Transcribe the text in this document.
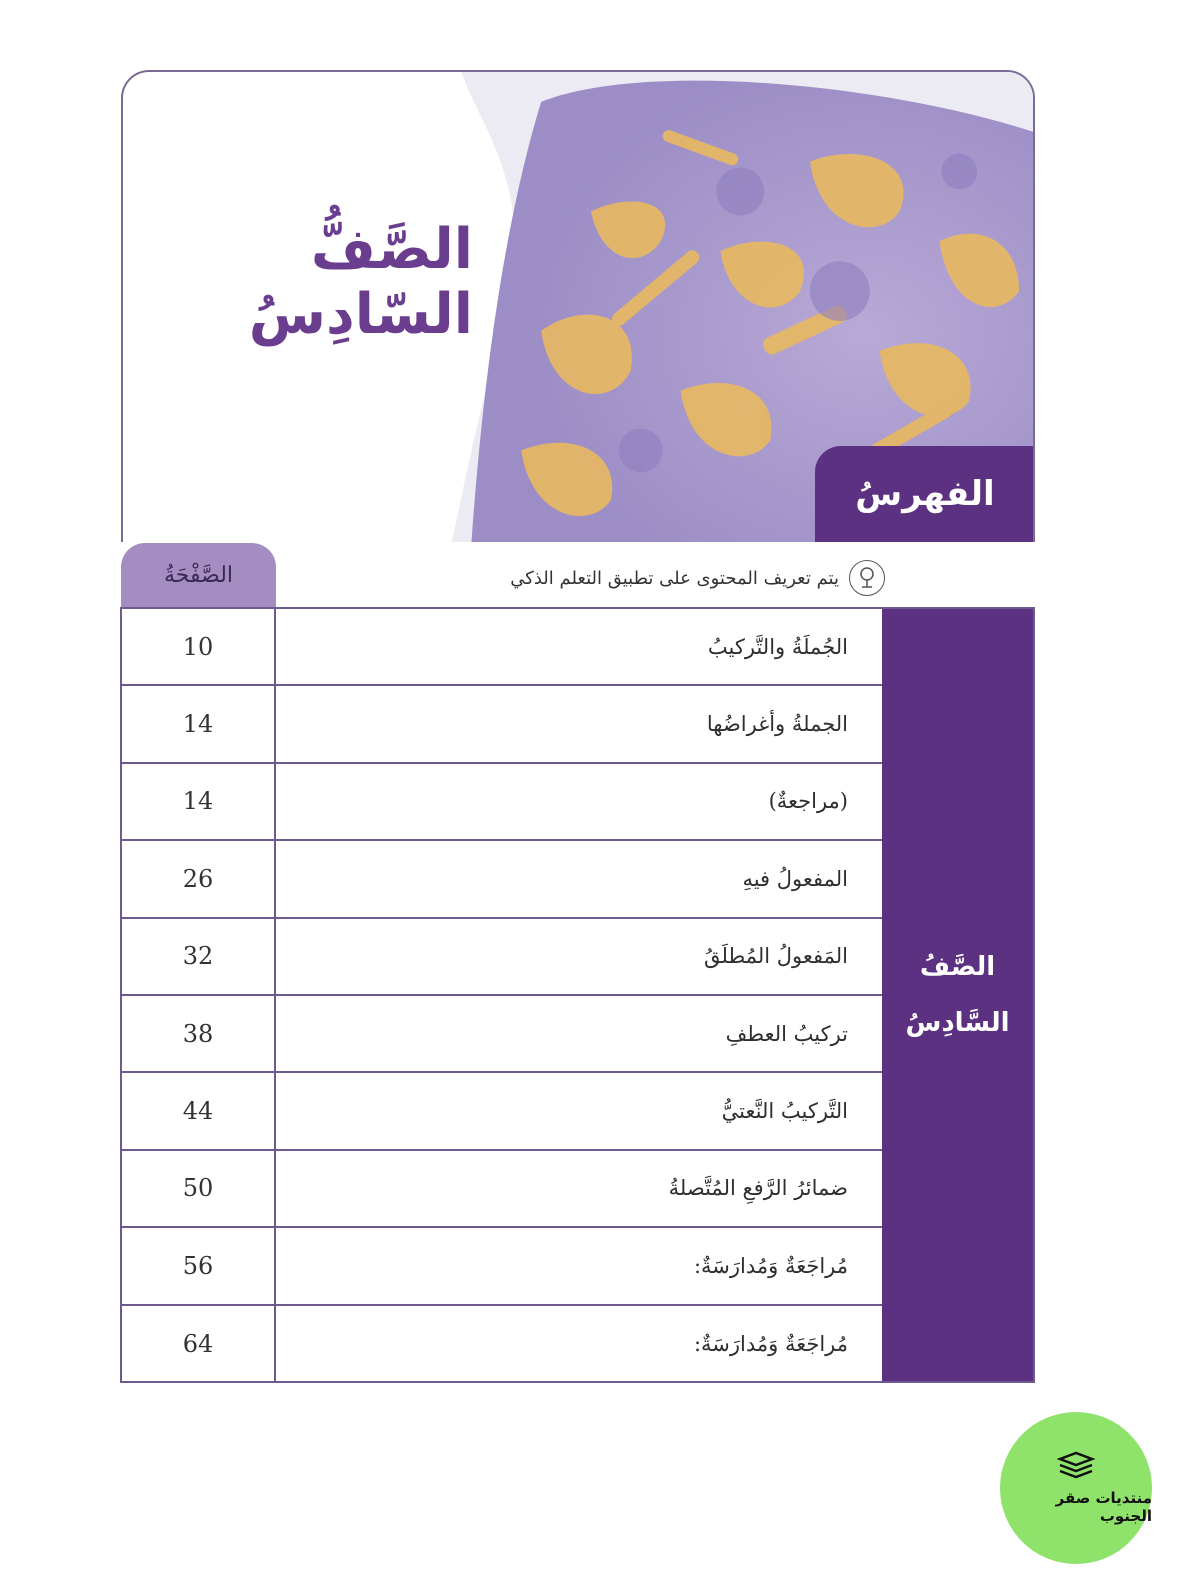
الصَّفُّ السّادِسُ
الفهرسُ
الصَّفْحَةُ	يتم تعريف المحتوى على تطبيق التعلم الذكي
10	الجُملَةُ والتَّركيبُ
14	الجملةُ وأغراضُها
14	(مراجعةٌ)
26	المفعولُ فيهِ
32	المَفعولُ المُطلَقُ
38	تركيبُ العطفِ
44	التَّركيبُ النَّعتيُّ
50	ضمائرُ الرَّفعِ المُتَّصلةُ
56	مُراجَعَةٌ وَمُدارَسَةٌ:
64	مُراجَعَةٌ وَمُدارَسَةٌ:
الصَّفُ
السَّادِسُ
منتديات صقر الجنوب
